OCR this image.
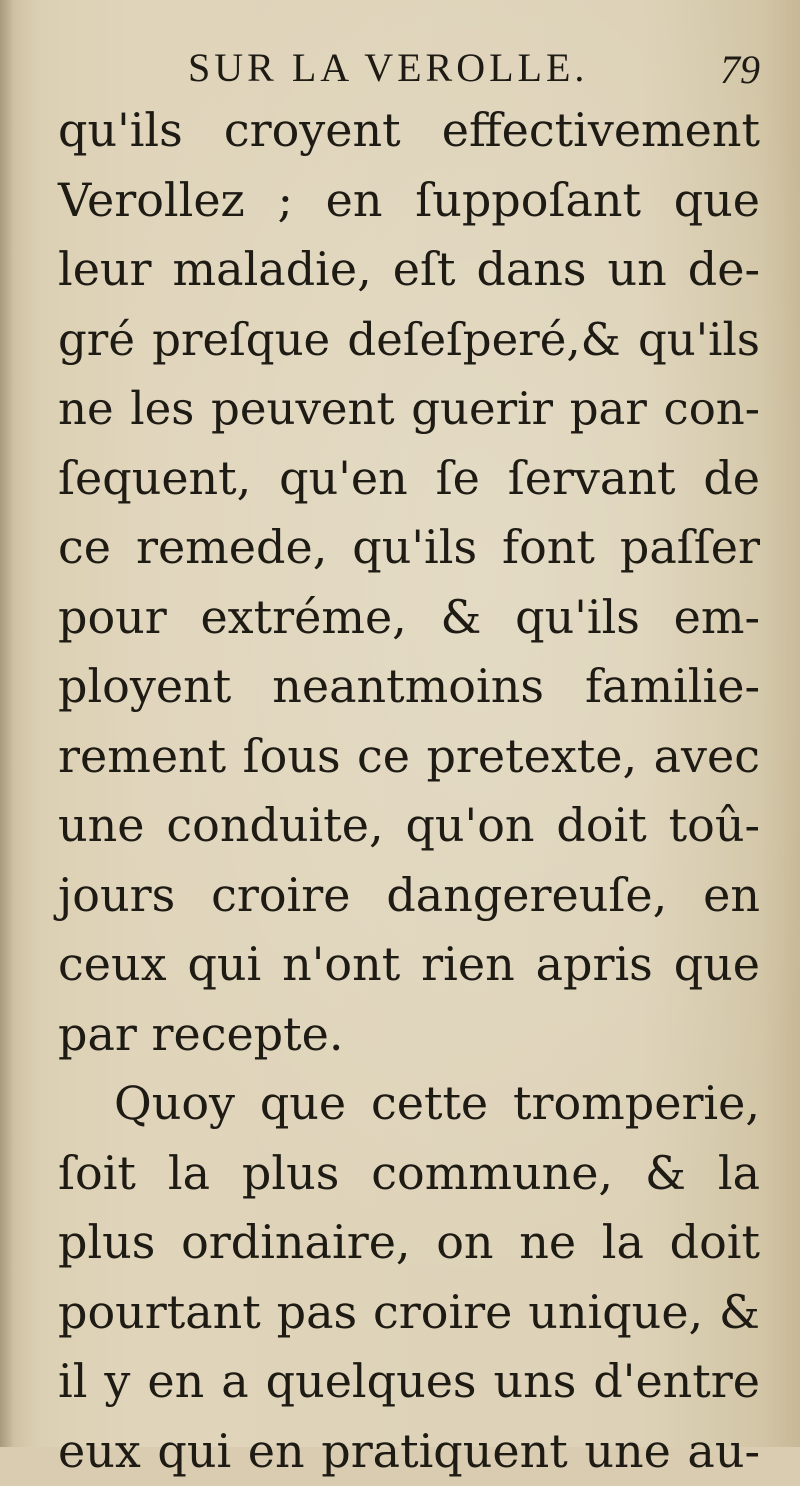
SUR LA VEROLLE.	79
qu'ils croyent effectivement
Verollez ; en ſuppoſant que
leur maladie, eſt dans un de-
gré preſque deſeſperé,& qu'ils
ne les peuvent guerir par con-
ſequent, qu'en ſe ſervant de
ce remede, qu'ils font paſſer
pour extréme, & qu'ils em-
ployent neantmoins familie-
rement ſous ce pretexte, avec
une conduite, qu'on doit toû-
jours croire dangereuſe, en
ceux qui n'ont rien apris que
par recepte.
Quoy que cette tromperie,
ſoit la plus commune, & la
plus ordinaire, on ne la doit
pourtant pas croire unique, &
il y en a quelques uns d'entre
eux qui en pratiquent une au-
